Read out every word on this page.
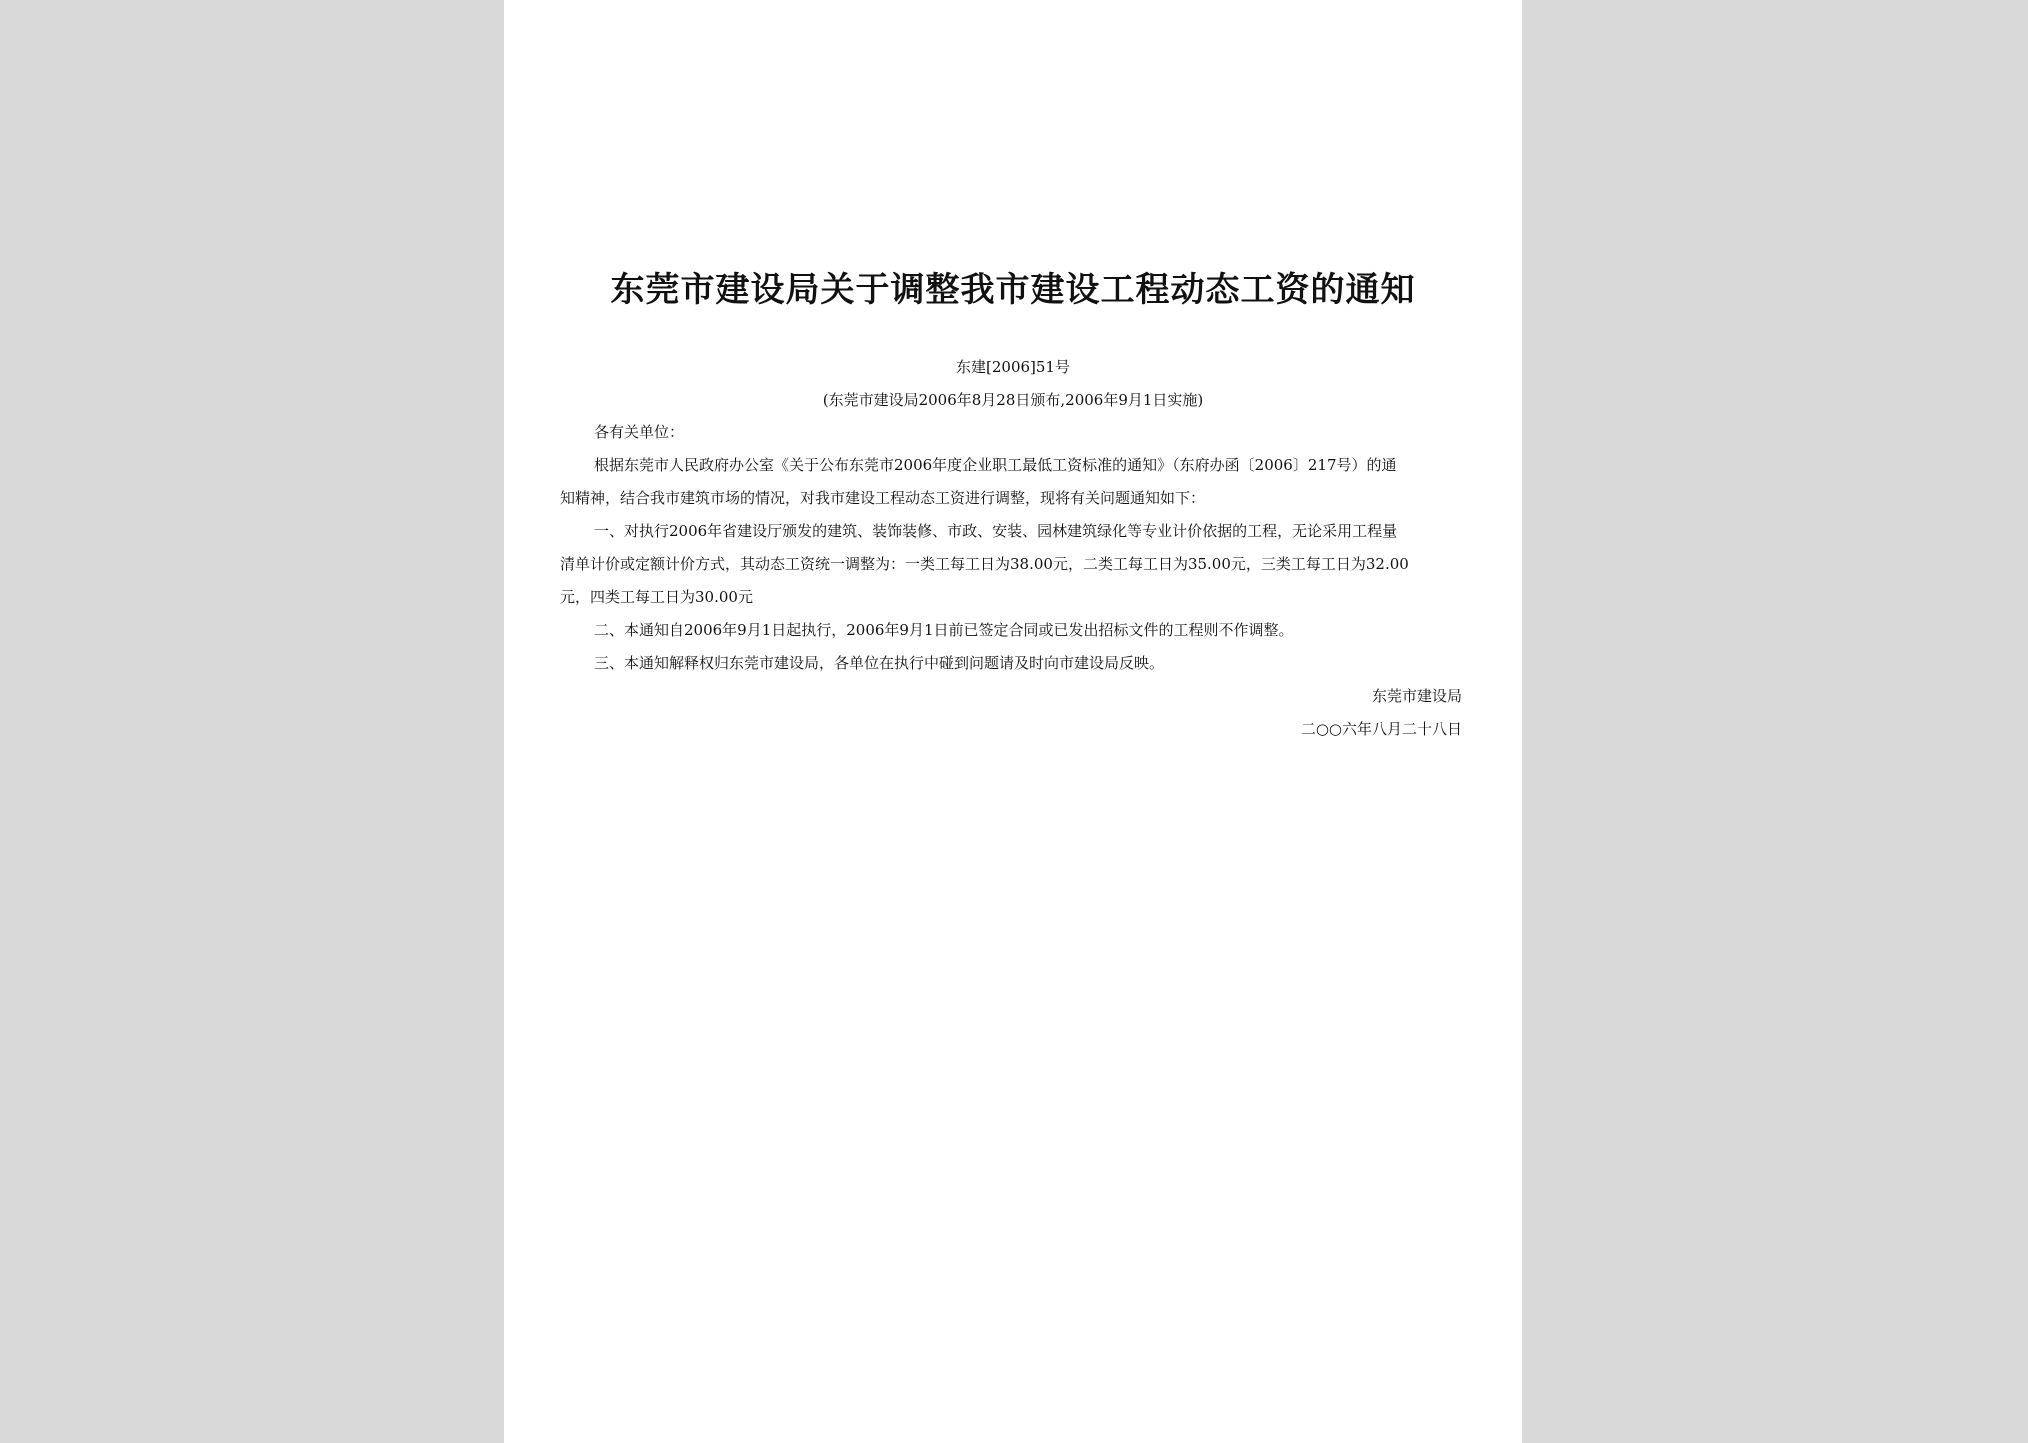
东莞市建设局关于调整我市建设工程动态工资的通知
东建[2006]51号
(东莞市建设局2006年8月28日颁布,2006年9月1日实施)
各有关单位：
根据东莞市人民政府办公室《关于公布东莞市2006年度企业职工最低工资标准的通知》（东府办函〔2006〕217号）的通
知精神，结合我市建筑市场的情况，对我市建设工程动态工资进行调整，现将有关问题通知如下：
一、对执行2006年省建设厅颁发的建筑、装饰装修、市政、安装、园林建筑绿化等专业计价依据的工程，无论采用工程量
清单计价或定额计价方式，其动态工资统一调整为：一类工每工日为38.00元，二类工每工日为35.00元，三类工每工日为32.00
元，四类工每工日为30.00元
二、本通知自2006年9月1日起执行，2006年9月1日前已签定合同或已发出招标文件的工程则不作调整。
三、本通知解释权归东莞市建设局，各单位在执行中碰到问题请及时向市建设局反映。
东莞市建设局
二○○六年八月二十八日
